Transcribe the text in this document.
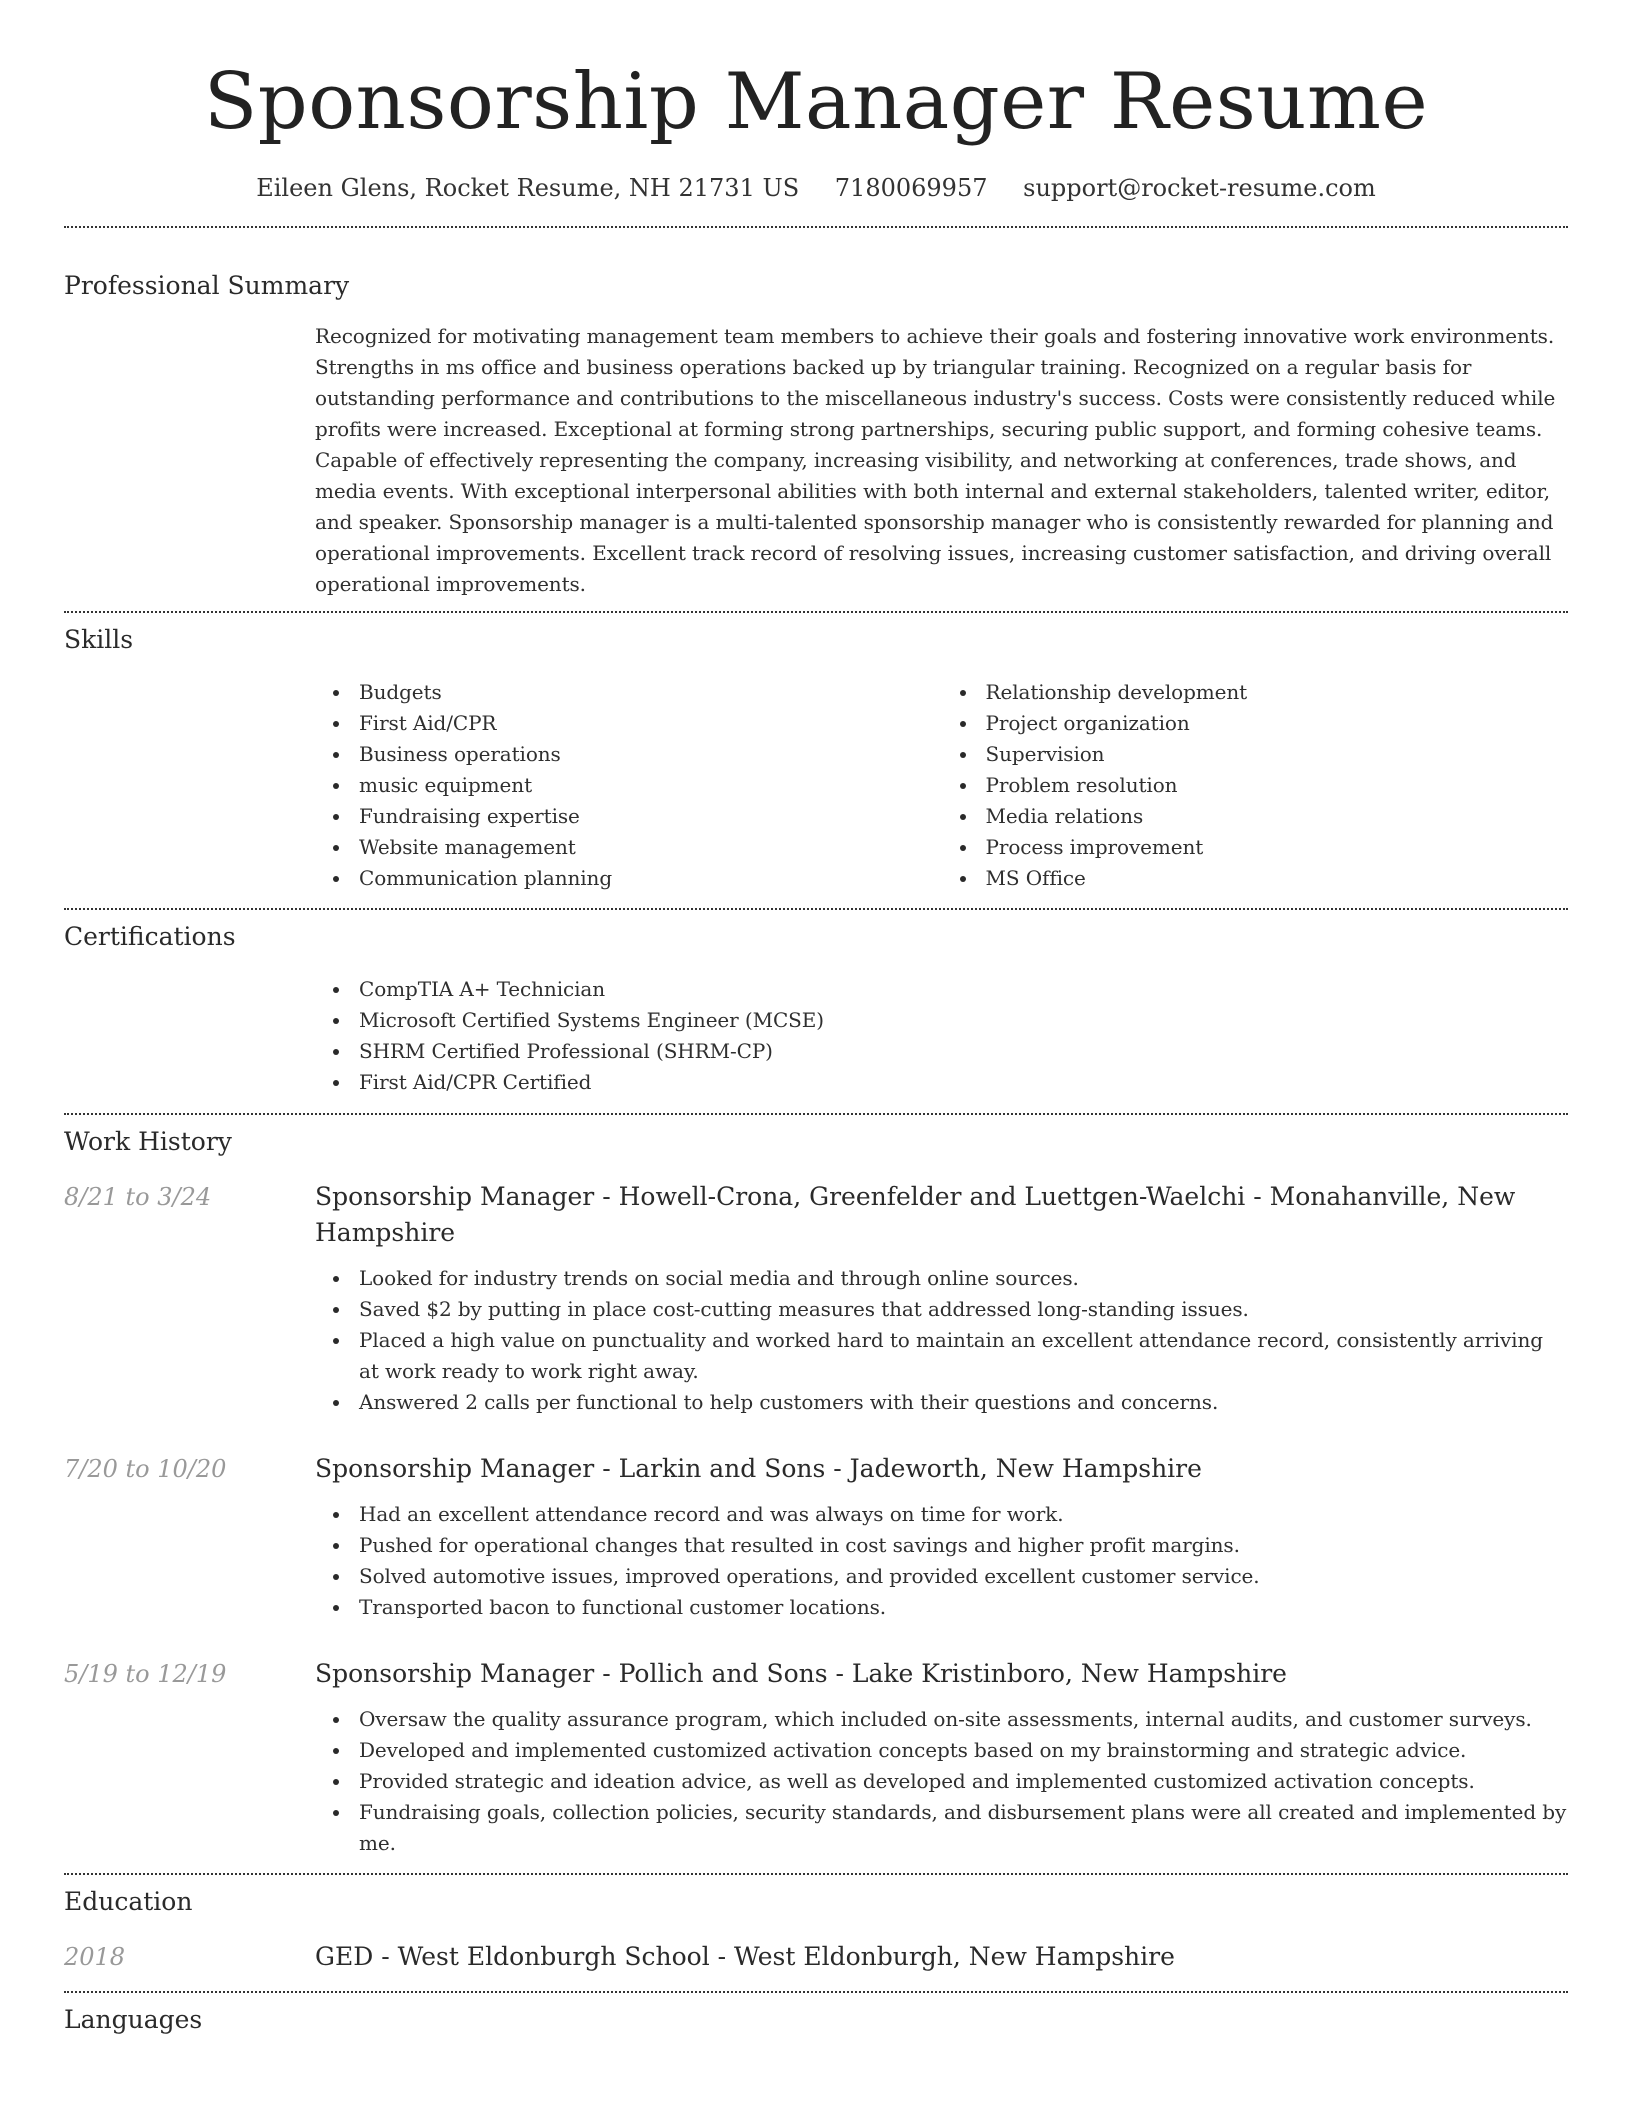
Sponsorship Manager Resume
Eileen Glens, Rocket Resume, NH 21731 US 7180069957 support@rocket-resume.com
Professional Summary

Recognized for motivating management team members to achieve their goals and fostering innovative work environments. Strengths in ms office and business operations backed up by triangular training. Recognized on a regular basis for outstanding performance and contributions to the miscellaneous industry's success. Costs were consistently reduced while profits were increased. Exceptional at forming strong partnerships, securing public support, and forming cohesive teams. Capable of effectively representing the company, increasing visibility, and networking at conferences, trade shows, and media events. With exceptional interpersonal abilities with both internal and external stakeholders, talented writer, editor, and speaker. Sponsorship manager is a multi-talented sponsorship manager who is consistently rewarded for planning and operational improvements. Excellent track record of resolving issues, increasing customer satisfaction, and driving overall operational improvements.

Skills
Budgets
First Aid/CPR
Business operations
music equipment
Fundraising expertise
Website management
Communication planning
Relationship development
Project organization
Supervision
Problem resolution
Media relations
Process improvement
MS Office
Certifications
CompTIA A+ Technician
Microsoft Certified Systems Engineer (MCSE)
SHRM Certified Professional (SHRM-CP)
First Aid/CPR Certified
Work History
8/21 to 3/24	Sponsorship Manager - Howell-Crona, Greenfelder and Luettgen-Waelchi - Monahanville, New Hampshire
Looked for industry trends on social media and through online sources.
Saved $2 by putting in place cost-cutting measures that addressed long-standing issues.
Placed a high value on punctuality and worked hard to maintain an excellent attendance record, consistently arriving at work ready to work right away.
Answered 2 calls per functional to help customers with their questions and concerns.
7/20 to 10/20	Sponsorship Manager - Larkin and Sons - Jadeworth, New Hampshire
Had an excellent attendance record and was always on time for work.
Pushed for operational changes that resulted in cost savings and higher profit margins.
Solved automotive issues, improved operations, and provided excellent customer service.
Transported bacon to functional customer locations.
5/19 to 12/19	Sponsorship Manager - Pollich and Sons - Lake Kristinboro, New Hampshire
Oversaw the quality assurance program, which included on-site assessments, internal audits, and customer surveys.
Developed and implemented customized activation concepts based on my brainstorming and strategic advice.
Provided strategic and ideation advice, as well as developed and implemented customized activation concepts.
Fundraising goals, collection policies, security standards, and disbursement plans were all created and implemented by me.
Education
2018	GED - West Eldonburgh School - West Eldonburgh, New Hampshire
Languages
